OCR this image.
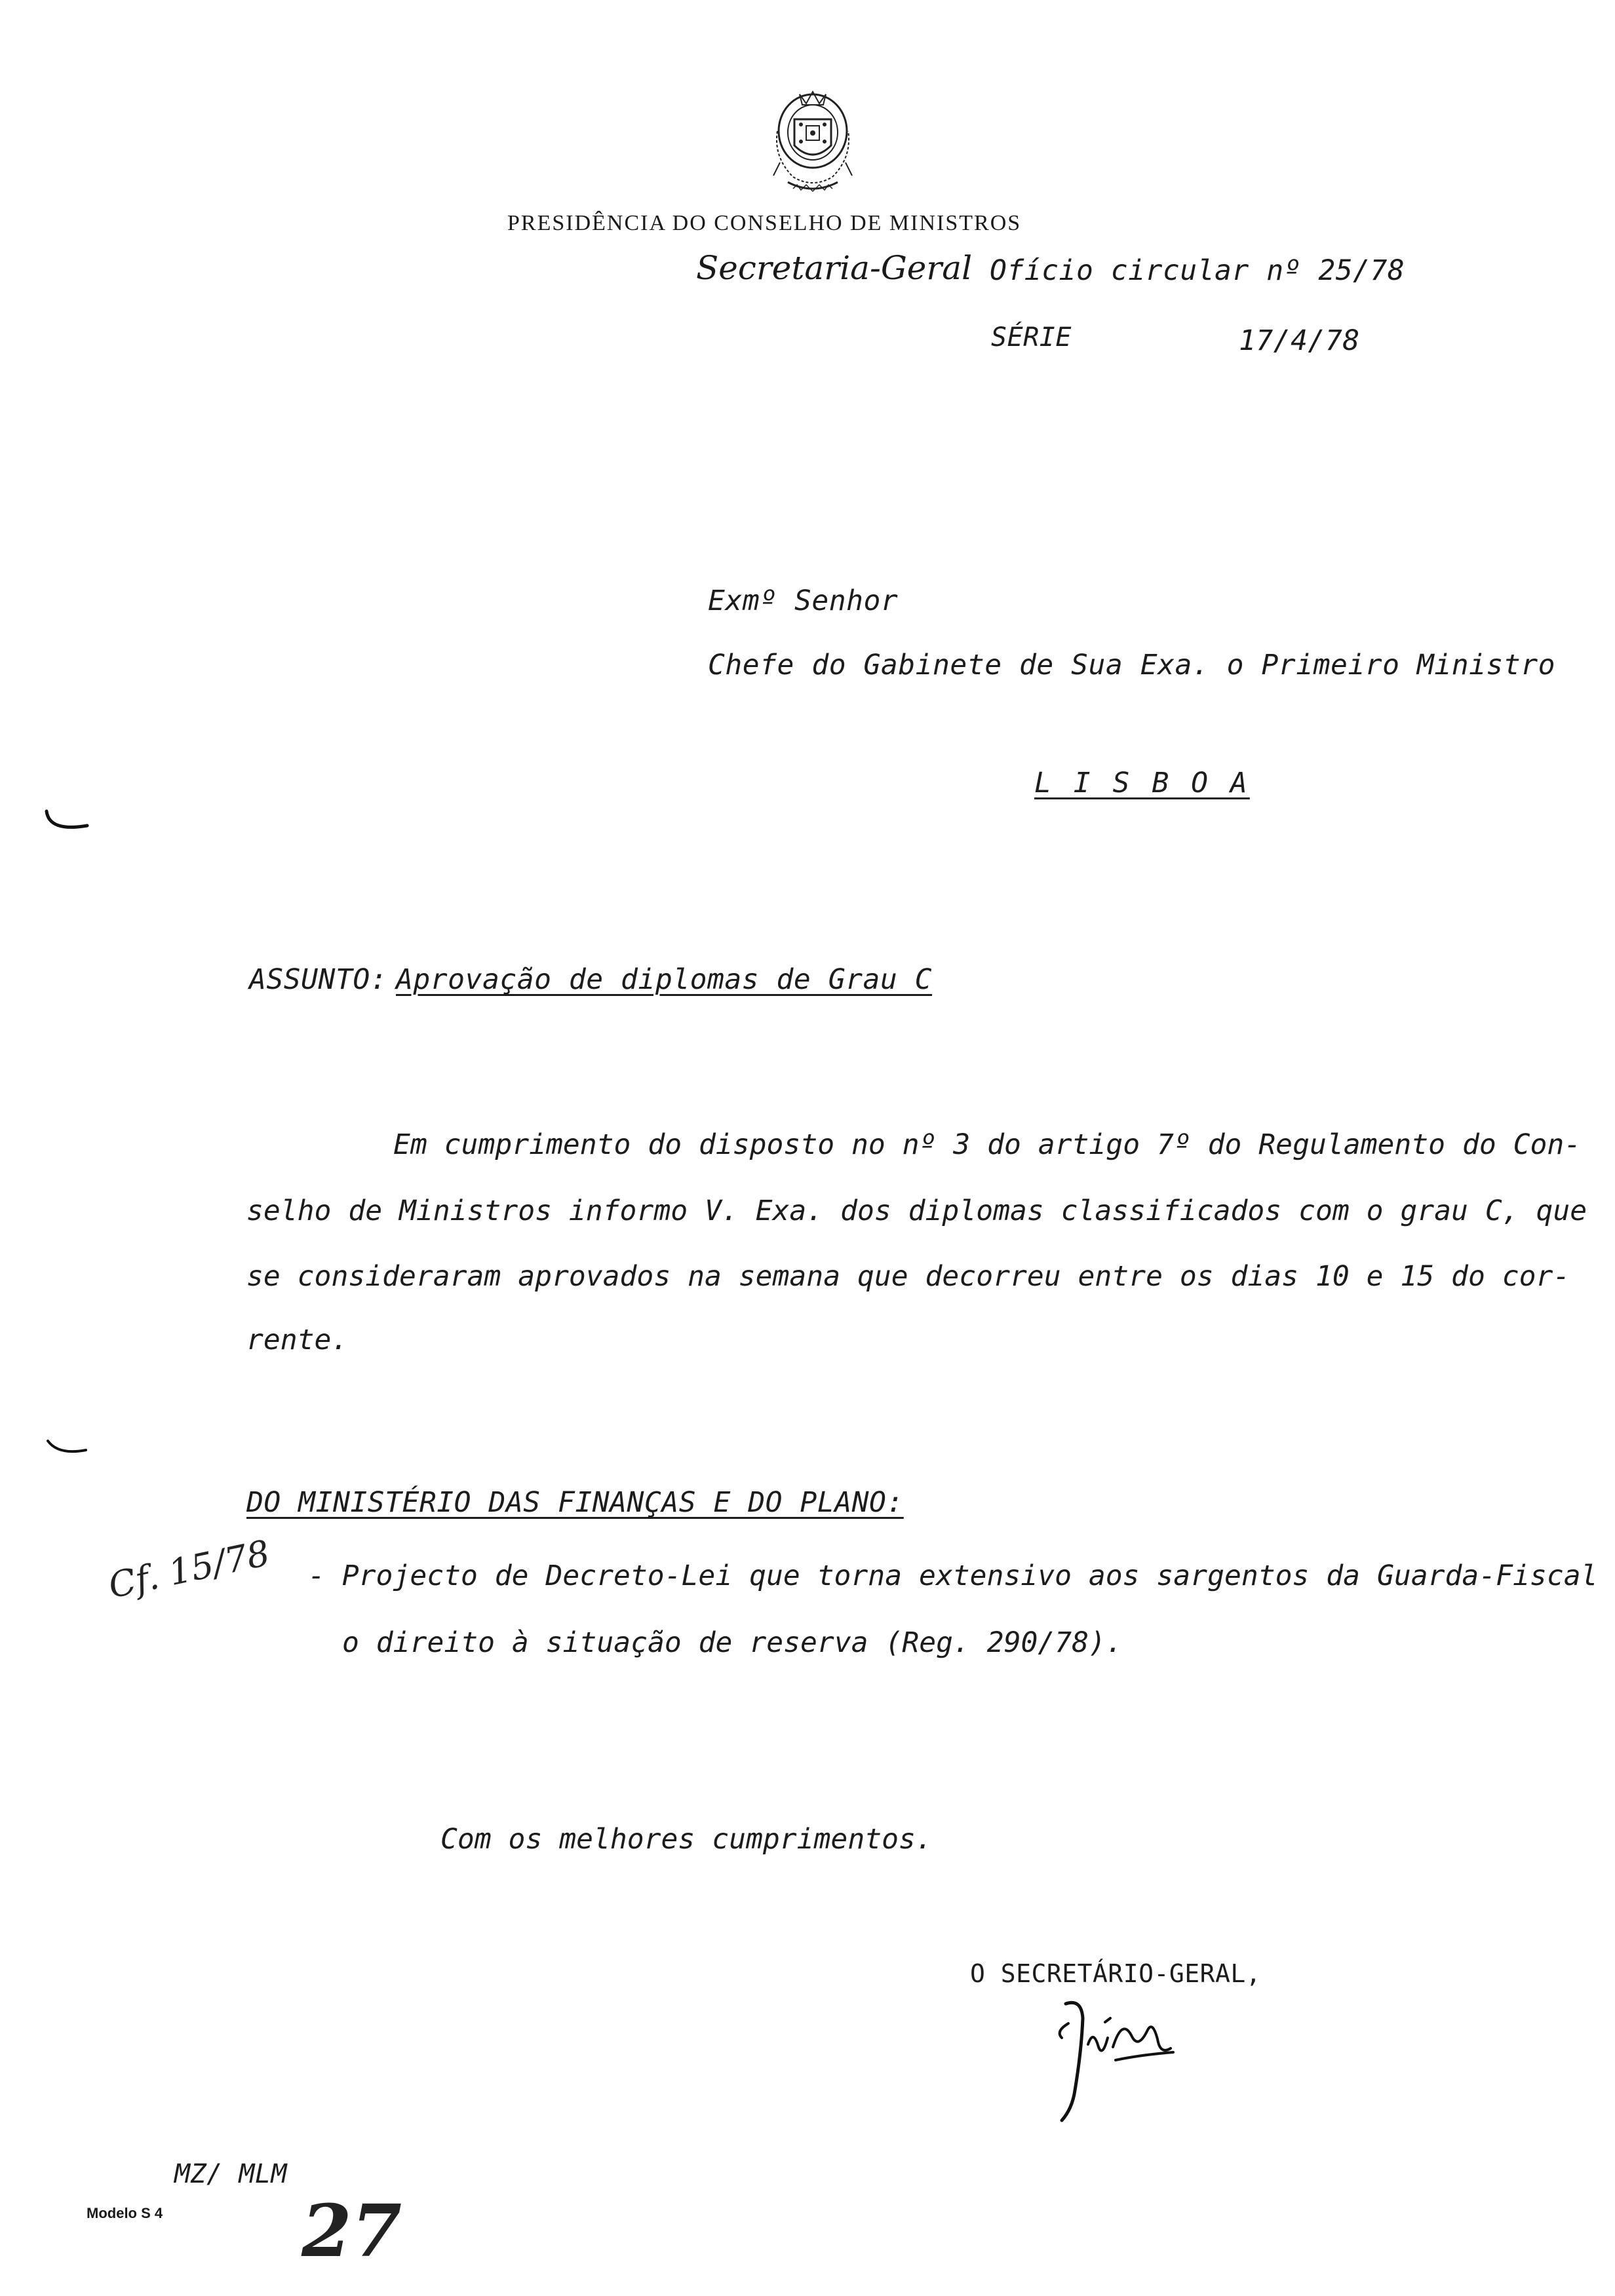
PRESIDÊNCIA DO CONSELHO DE MINISTROS
Secretaria-Geral Ofício circular nº 25/78
SÉRIE	17/4/78
Exmº Senhor
Chefe do Gabinete de Sua Exa. o Primeiro Ministro
L I S B O A
ASSUNTO: Aprovação de diplomas de Grau C
Em cumprimento do disposto no nº 3 do artigo 7º do Regulamento do Con-
selho de Ministros informo V. Exa. dos diplomas classificados com o grau C, que
se consideraram aprovados na semana que decorreu entre os dias 10 e 15 do cor-
rente.
DO MINISTÉRIO DAS FINANÇAS E DO PLANO:
Cf. 15/78 - Projecto de Decreto-Lei que torna extensivo aos sargentos da Guarda-Fiscal
o direito à situação de reserva (Reg. 290/78).
Com os melhores cumprimentos.
O SECRETÁRIO-GERAL,
MZ/ MLM
Modelo S 4 27
